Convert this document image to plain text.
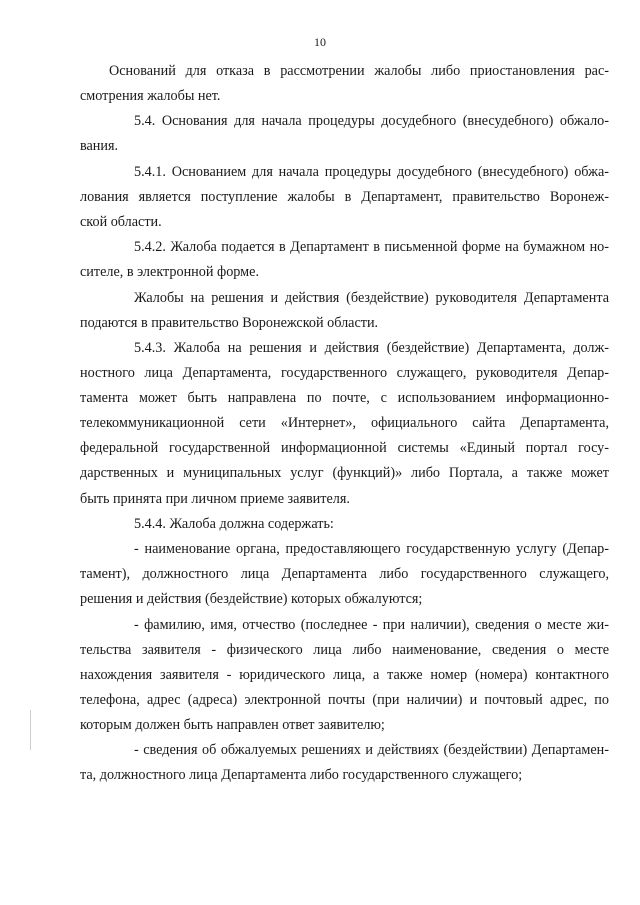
10
Оснований для отказа в рассмотрении жалобы либо приостановления рас-
смотрения жалобы нет.
5.4. Основания для начала процедуры досудебного (внесудебного) обжало-
вания.
5.4.1. Основанием для начала процедуры досудебного (внесудебного) обжа-
лования является поступление жалобы в Департамент, правительство Воронеж-
ской области.
5.4.2. Жалоба подается в Департамент в письменной форме на бумажном но-
сителе, в электронной форме.
Жалобы на решения и действия (бездействие) руководителя Департамента
подаются в правительство Воронежской области.
5.4.3. Жалоба на решения и действия (бездействие) Департамента, долж-
ностного лица Департамента, государственного служащего, руководителя Депар-
тамента может быть направлена по почте, с использованием информационно-
телекоммуникационной сети «Интернет», официального сайта Департамента,
федеральной государственной информационной системы «Единый портал госу-
дарственных и муниципальных услуг (функций)» либо Портала, а также может
быть принята при личном приеме заявителя.
5.4.4. Жалоба должна содержать:
- наименование органа, предоставляющего государственную услугу (Депар-
тамент), должностного лица Департамента либо государственного служащего,
решения и действия (бездействие) которых обжалуются;
- фамилию, имя, отчество (последнее - при наличии), сведения о месте жи-
тельства заявителя - физического лица либо наименование, сведения о месте
нахождения заявителя - юридического лица, а также номер (номера) контактного
телефона, адрес (адреса) электронной почты (при наличии) и почтовый адрес, по
которым должен быть направлен ответ заявителю;
- сведения об обжалуемых решениях и действиях (бездействии) Департамен-
та, должностного лица Департамента либо государственного служащего;
